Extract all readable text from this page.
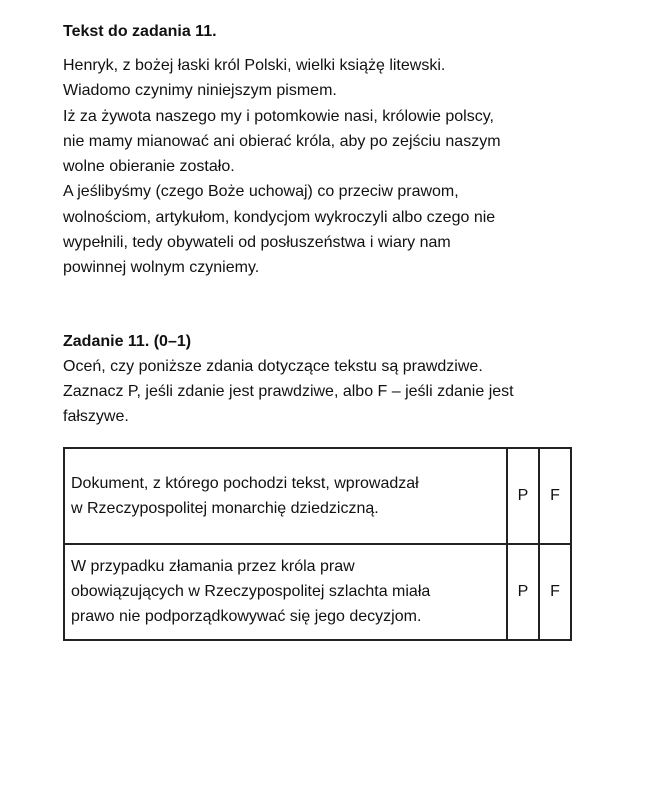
Tekst do zadania 11.
Henryk, z bożej łaski król Polski, wielki książę litewski.
Wiadomo czynimy niniejszym pismem.
Iż za żywota naszego my i potomkowie nasi, królowie polscy,
nie mamy mianować ani obierać króla, aby po zejściu naszym
wolne obieranie zostało.
A jeślibyśmy (czego Boże uchowaj) co przeciw prawom,
wolnościom, artykułom, kondycjom wykroczyli albo czego nie
wypełnili, tedy obywateli od posłuszeństwa i wiary nam
powinnej wolnym czyniemy.
Zadanie 11. (0–1)
Oceń, czy poniższe zdania dotyczące tekstu są prawdziwe.
Zaznacz P, jeśli zdanie jest prawdziwe, albo F – jeśli zdanie jest
fałszywe.
Dokument, z którego pochodzi tekst, wprowadzał
w Rzeczypospolitej monarchię dziedziczną.	P	F

W przypadku złamania przez króla praw
obowiązujących w Rzeczypospolitej szlachta miała
prawo nie podporządkowywać się jego decyzjom.	P	F
